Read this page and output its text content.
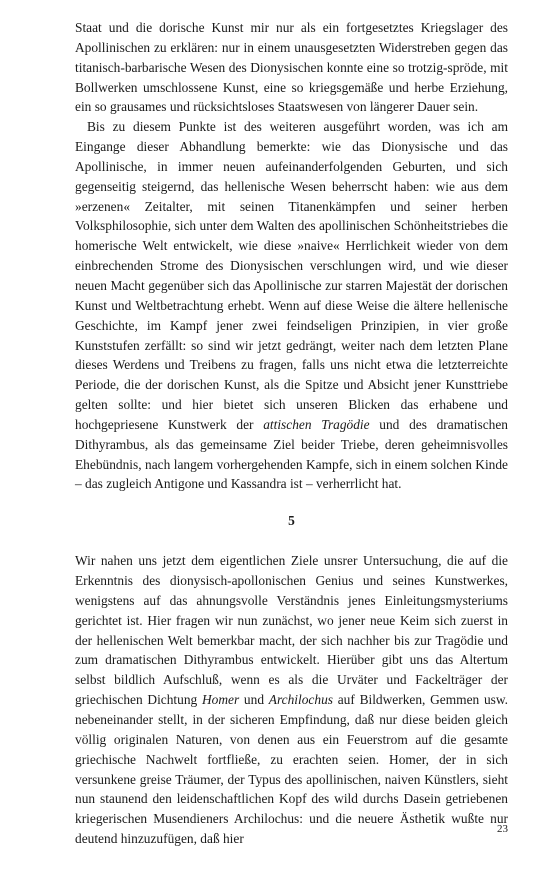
Staat und die dorische Kunst mir nur als ein fortgesetztes Kriegslager des Apollinischen zu erklären: nur in einem unausgesetzten Widerstreben gegen das titanisch-barbarische Wesen des Dionysischen konnte eine so trotzig-spröde, mit Bollwerken umschlossene Kunst, eine so kriegsgemäße und herbe Erziehung, ein so grausames und rücksichtsloses Staatswesen von längerer Dauer sein.

Bis zu diesem Punkte ist des weiteren ausgeführt worden, was ich am Eingange dieser Abhandlung bemerkte: wie das Dionysische und das Apollinische, in immer neuen aufeinanderfolgenden Geburten, und sich gegenseitig steigernd, das hellenische Wesen beherrscht haben: wie aus dem »erzenen« Zeitalter, mit seinen Titanenkämpfen und seiner herben Volksphilosophie, sich unter dem Walten des apollinischen Schönheitstriebes die homerische Welt entwickelt, wie diese »naive« Herrlichkeit wieder von dem einbrechenden Strome des Dionysischen verschlungen wird, und wie dieser neuen Macht gegenüber sich das Apollinische zur starren Majestät der dorischen Kunst und Weltbetrachtung erhebt. Wenn auf diese Weise die ältere hellenische Geschichte, im Kampf jener zwei feindseligen Prinzipien, in vier große Kunststufen zerfällt: so sind wir jetzt gedrängt, weiter nach dem letzten Plane dieses Werdens und Treibens zu fragen, falls uns nicht etwa die letzterreichte Periode, die der dorischen Kunst, als die Spitze und Absicht jener Kunsttriebe gelten sollte: und hier bietet sich unseren Blicken das erhabene und hochgepriesene Kunstwerk der attischen Tragödie und des dramatischen Dithyrambus, als das gemeinsame Ziel beider Triebe, deren geheimnisvolles Ehebündnis, nach langem vorhergehenden Kampfe, sich in einem solchen Kinde – das zugleich Antigone und Kassandra ist – verherrlicht hat.

5

Wir nahen uns jetzt dem eigentlichen Ziele unsrer Untersuchung, die auf die Erkenntnis des dionysisch-apollonischen Genius und seines Kunstwerkes, wenigstens auf das ahnungsvolle Verständnis jenes Einleitungsmysteriums gerichtet ist. Hier fragen wir nun zunächst, wo jener neue Keim sich zuerst in der hellenischen Welt bemerkbar macht, der sich nachher bis zur Tragödie und zum dramatischen Dithyrambus entwickelt. Hierüber gibt uns das Altertum selbst bildlich Aufschluß, wenn es als die Urväter und Fackelträger der griechischen Dichtung Homer und Archilochus auf Bildwerken, Gemmen usw. nebeneinander stellt, in der sicheren Empfindung, daß nur diese beiden gleich völlig originalen Naturen, von denen aus ein Feuerstrom auf die gesamte griechische Nachwelt fortfließe, zu erachten seien. Homer, der in sich versunkene greise Träumer, der Typus des apollinischen, naiven Künstlers, sieht nun staunend den leidenschaftlichen Kopf des wild durchs Dasein getriebenen kriegerischen Musendieners Archilochus: und die neuere Ästhetik wußte nur deutend hinzuzufügen, daß hier

23
